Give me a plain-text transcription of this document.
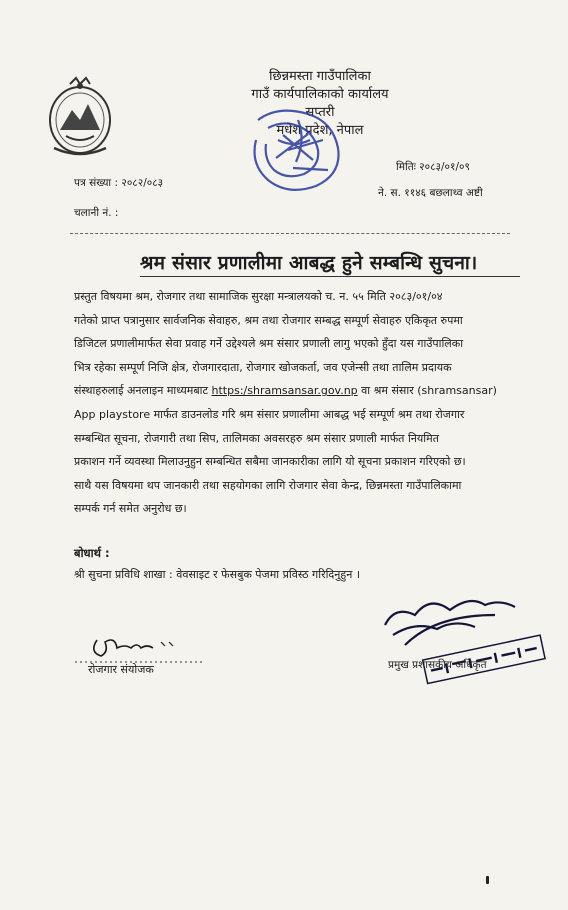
छिन्नमस्ता गाउँपालिका
गाउँ कार्यपालिकाको कार्यालय
सप्तरी
मधेश प्रदेश, नेपाल
पत्र संख्या : २०८२/०८३
चलानी नं. :
मितिः २०८३/०१/०९
ने. स. ११४६ बछलाथ्व अष्टी
श्रम संसार प्रणालीमा आबद्ध हुने सम्बन्धि सुचना।
प्रस्तुत विषयमा श्रम, रोजगार तथा सामाजिक सुरक्षा मन्त्रालयको च. न. ५५ मिति २०८३/०१/०४
गतेको प्राप्त पत्रानुसार सार्वजनिक सेवाहरु, श्रम तथा रोजगार सम्बद्ध सम्पूर्ण सेवाहरु एकिकृत रुपमा
डिजिटल प्रणालीमार्फत सेवा प्रवाह गर्ने उद्देश्यले श्रम संसार प्रणाली लागु भएको हुँदा यस गाउँपालिका
भित्र रहेका सम्पूर्ण निजि क्षेत्र, रोजगारदाता, रोजगार खोजकर्ता, जव एजेन्सी तथा तालिम प्रदायक
संस्थाहरुलाई अनलाइन माध्यमबाट https:/shramsansar.gov.np वा श्रम संसार (shramsansar)
App playstore मार्फत डाउनलोड गरि श्रम संसार प्रणालीमा आबद्ध भई सम्पूर्ण श्रम तथा रोजगार
सम्बन्धित सूचना, रोजगारी तथा सिप, तालिमका अवसरहरु श्रम संसार प्रणाली मार्फत नियमित
प्रकाशन गर्ने व्यवस्था मिलाउनुहुन सम्बन्धित सबैमा जानकारीका लागि यो सूचना प्रकाशन गरिएको छ।
साथै यस विषयमा थप जानकारी तथा सहयोगका लागि रोजगार सेवा केन्द्र, छिन्नमस्ता गाउँपालिकामा
सम्पर्क गर्न समेत अनुरोध छ।
बोधार्थ :
श्री सुचना प्रविधि शाखा : वेवसाइट र फेसबुक पेजमा प्रविस्ठ गरिदिनुहुन ।
रोजगार संयोजक	प्रमुख प्रशासकीय अधिकृत
